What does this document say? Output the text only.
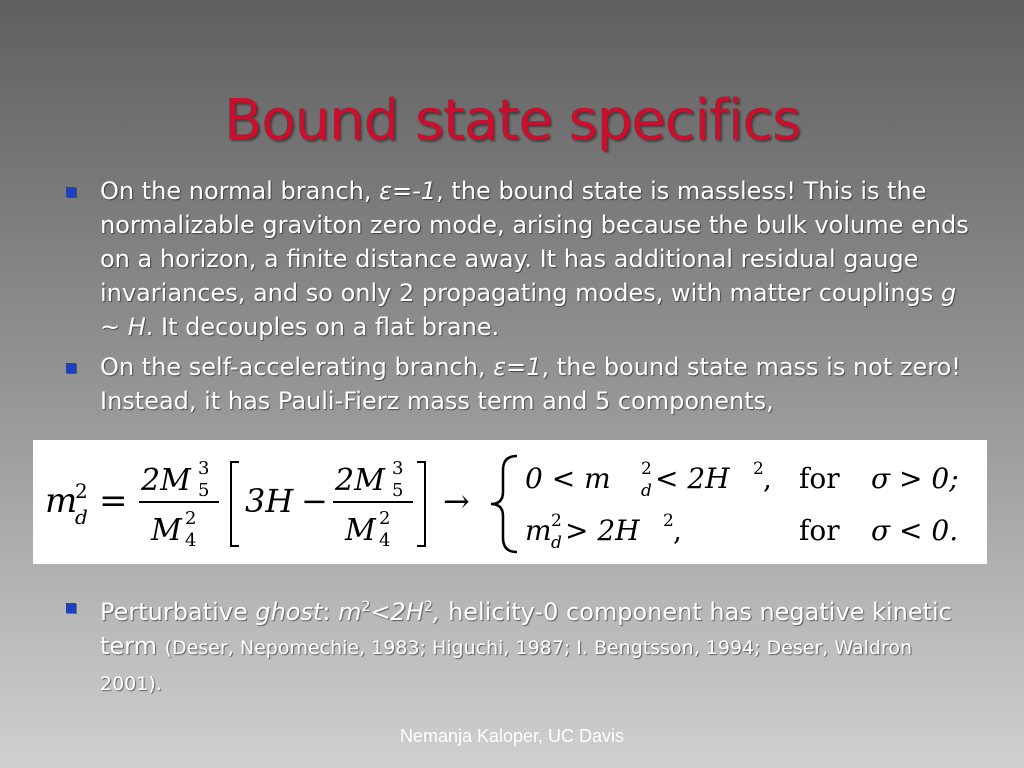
Bound state specifics
On the normal branch, ε=-1, the bound state is massless! This is the normalizable graviton zero mode, arising because the bulk volume ends on a horizon, a finite distance away. It has additional residual gauge invariances, and so only 2 propagating modes, with matter couplings g ~ H. It decouples on a flat brane.
On the self-accelerating branch, ε=1, the bound state mass is not zero! Instead, it has Pauli-Fierz mass term and 5 components,
m
2
d =
2M 3
5
M 2
4
3H −
2M 3
5
M 2
4
→
0 < m 2
d < 2H 2 , for σ > 0;
m 2
d > 2H 2 ,	for σ < 0.
Perturbative ghost: $m^2<2H^2$, helicity-0 component has negative kinetic term (Deser, Nepomechie, 1983; Higuchi, 1987; I. Bengtsson, 1994; Deser, Waldron 2001).
Nemanja Kaloper, UC Davis
